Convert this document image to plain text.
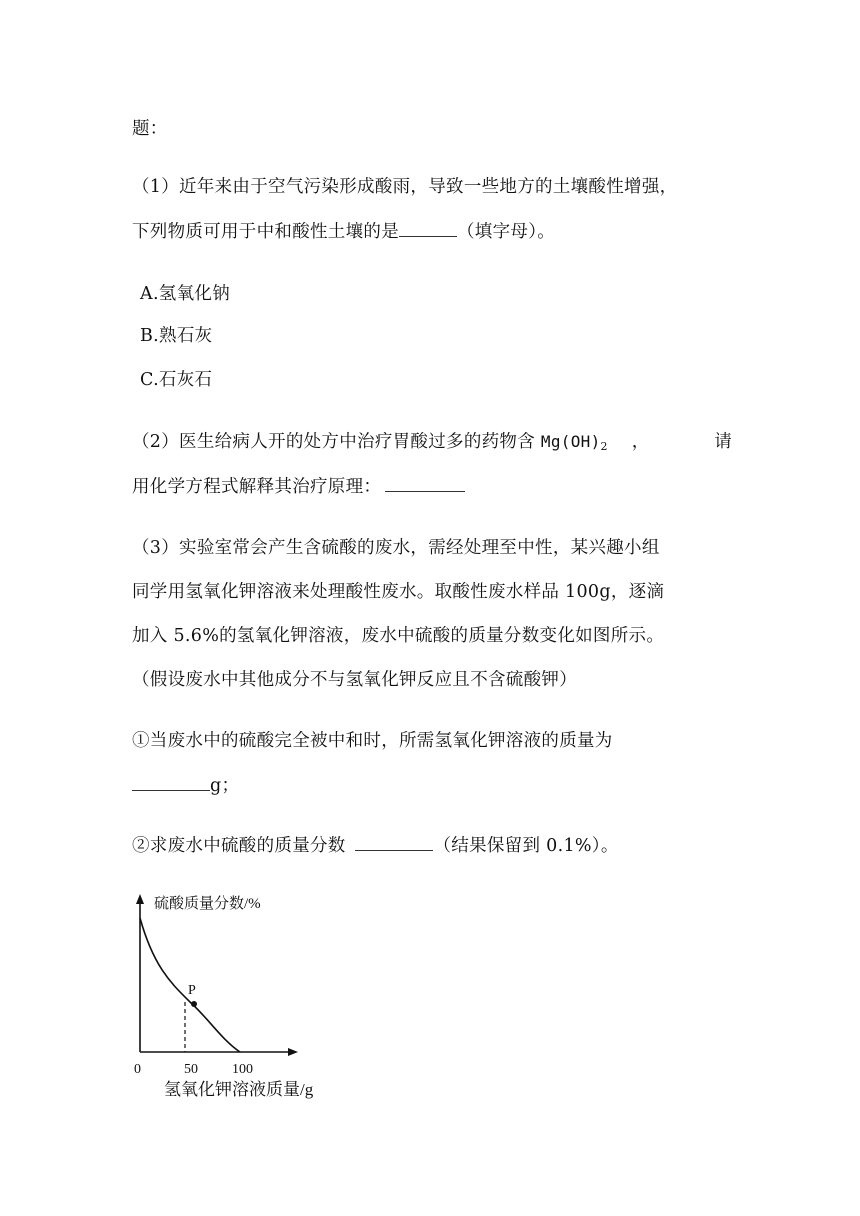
题：
（1）近年来由于空气污染形成酸雨，导致一些地方的土壤酸性增强，
下列物质可用于中和酸性土壤的是	（填字母）。
A.氢氧化钠
B.熟石灰
C.石灰石
（2）医生给病人开的处方中治疗胃酸过多的药物含 $Mg(OH)_2$ ，	请
用化学方程式解释其治疗原理：
（3）实验室常会产生含硫酸的废水，需经处理至中性，某兴趣小组
同学用氢氧化钾溶液来处理酸性废水。取酸性废水样品 100g，逐滴
加入 5.6%的氢氧化钾溶液，废水中硫酸的质量分数变化如图所示。
（假设废水中其他成分不与氢氧化钾反应且不含硫酸钾）
①当废水中的硫酸完全被中和时，所需氢氧化钾溶液的质量为
g；
②求废水中硫酸的质量分数	（结果保留到 0.1%）。
硫酸质量分数/%
P
0	50 100
氢氧化钾溶液质量/g
